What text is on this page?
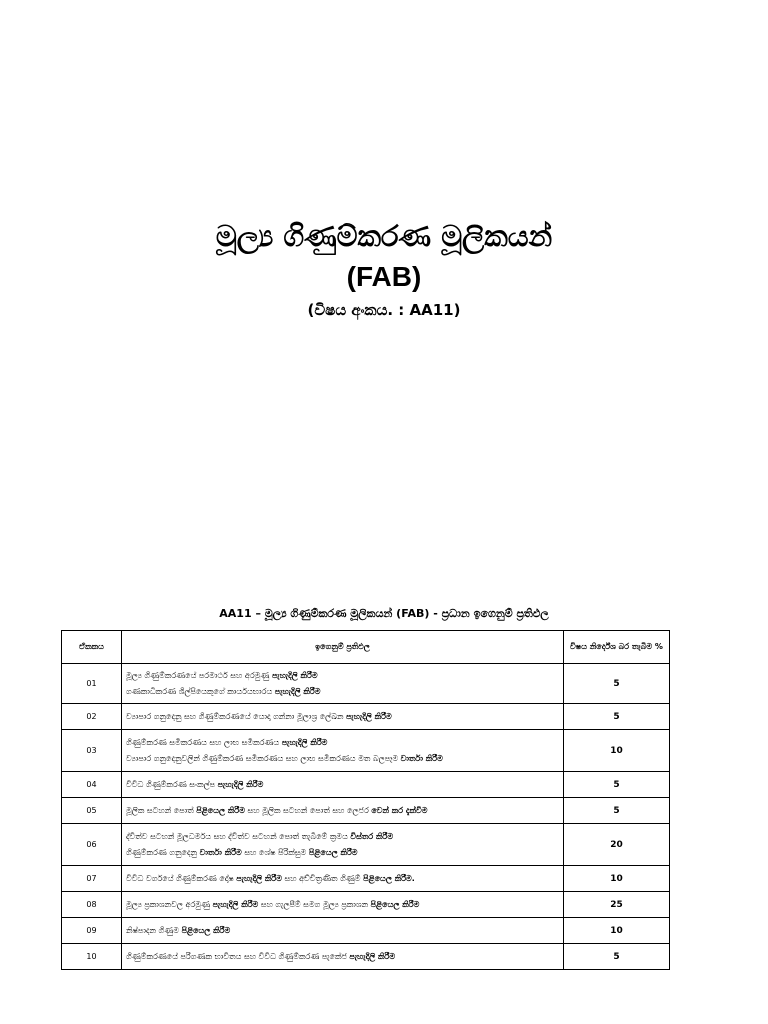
මූල්‍ය ගිණුම්කරණ මූලිකයන්

(FAB)

(විෂය අංකය. : AA11)

AA11 – මූල්‍ය ගිණුම්කරණ මූලිකයන් (FAB) - ප්‍රධාන ඉගෙනුම් ප්‍රතිඵල
ඒකකය	ඉගෙනුම් ප්‍රතිඵල	විෂය නිර්දේශ බර තැබීම %
01	මූල්‍ය ගිණුම්කරණයේ පරමාර්ථ සහ අරමුණු පැහැදිලි කිරීම
ගණකාධිකරණ ශිල්පියෙකුගේ කාර්යයභාරය පැහැදිලි කිරීම	5
02	ව්‍යාපාර ගනුදෙනු සහ ගිණුම්කරණයේ යොදා ගන්නා මූලාශ්‍ර ලේඛන පැහැදිලි කිරීම	5
03	ගිණුම්කරණ සමීකරණය සහ ලාභ සමීකරණය පැහැදිලි කිරීම
ව්‍යාපාර ගනුදෙනුවලින් ගිණුම්කරණ සමීකරණය සහ ලාභ සමීකරණය මත බලපෑම වාර්තා කිරීම	10
04	විවිධ ගිණුම්කරණ සංකල්ප පැහැදිලි කිරීම	5
05	මූලික සටහන් පොත් පිළියෙල කිරීම සහ මූලික සටහන් පොත් සහ ලෙජර වෙන් කර දැක්වීම	5
06	ද්විත්ව සටහන් මූලධර්මය සහ ද්විත්ව සටහන් පොත් තැබීමේ ක්‍රමය විස්තර කිරීම
ගිණුම්කරණ ගනුදෙනු වාර්තා කිරීම සහ ශේෂ පිරික්සුම පිළියෙල කිරීම	20
07	විවිධ වර්ගයේ ගිණුම්කරණ දෝෂ පැහැදිලි කිරීම සහ අච්චිත්‍රණිත ගිණුම් පිළියෙල කිරීම.	10
08	මූල්‍ය ප්‍රකාශනවල අරමුණු පැහැදිලි කිරීම සහ ගැලපීම් සමග මූල්‍ය ප්‍රකාශන පිළියෙල කිරීම	25
09	නිෂ්පාදන ගිණුම පිළියෙල කිරීම	10
10	ගිණුම්කරණයේ පරිගණක භාවිතය සහ විවිධ ගිණුම්කරණ පැකේජ පැහැදිලි කිරීම	5
